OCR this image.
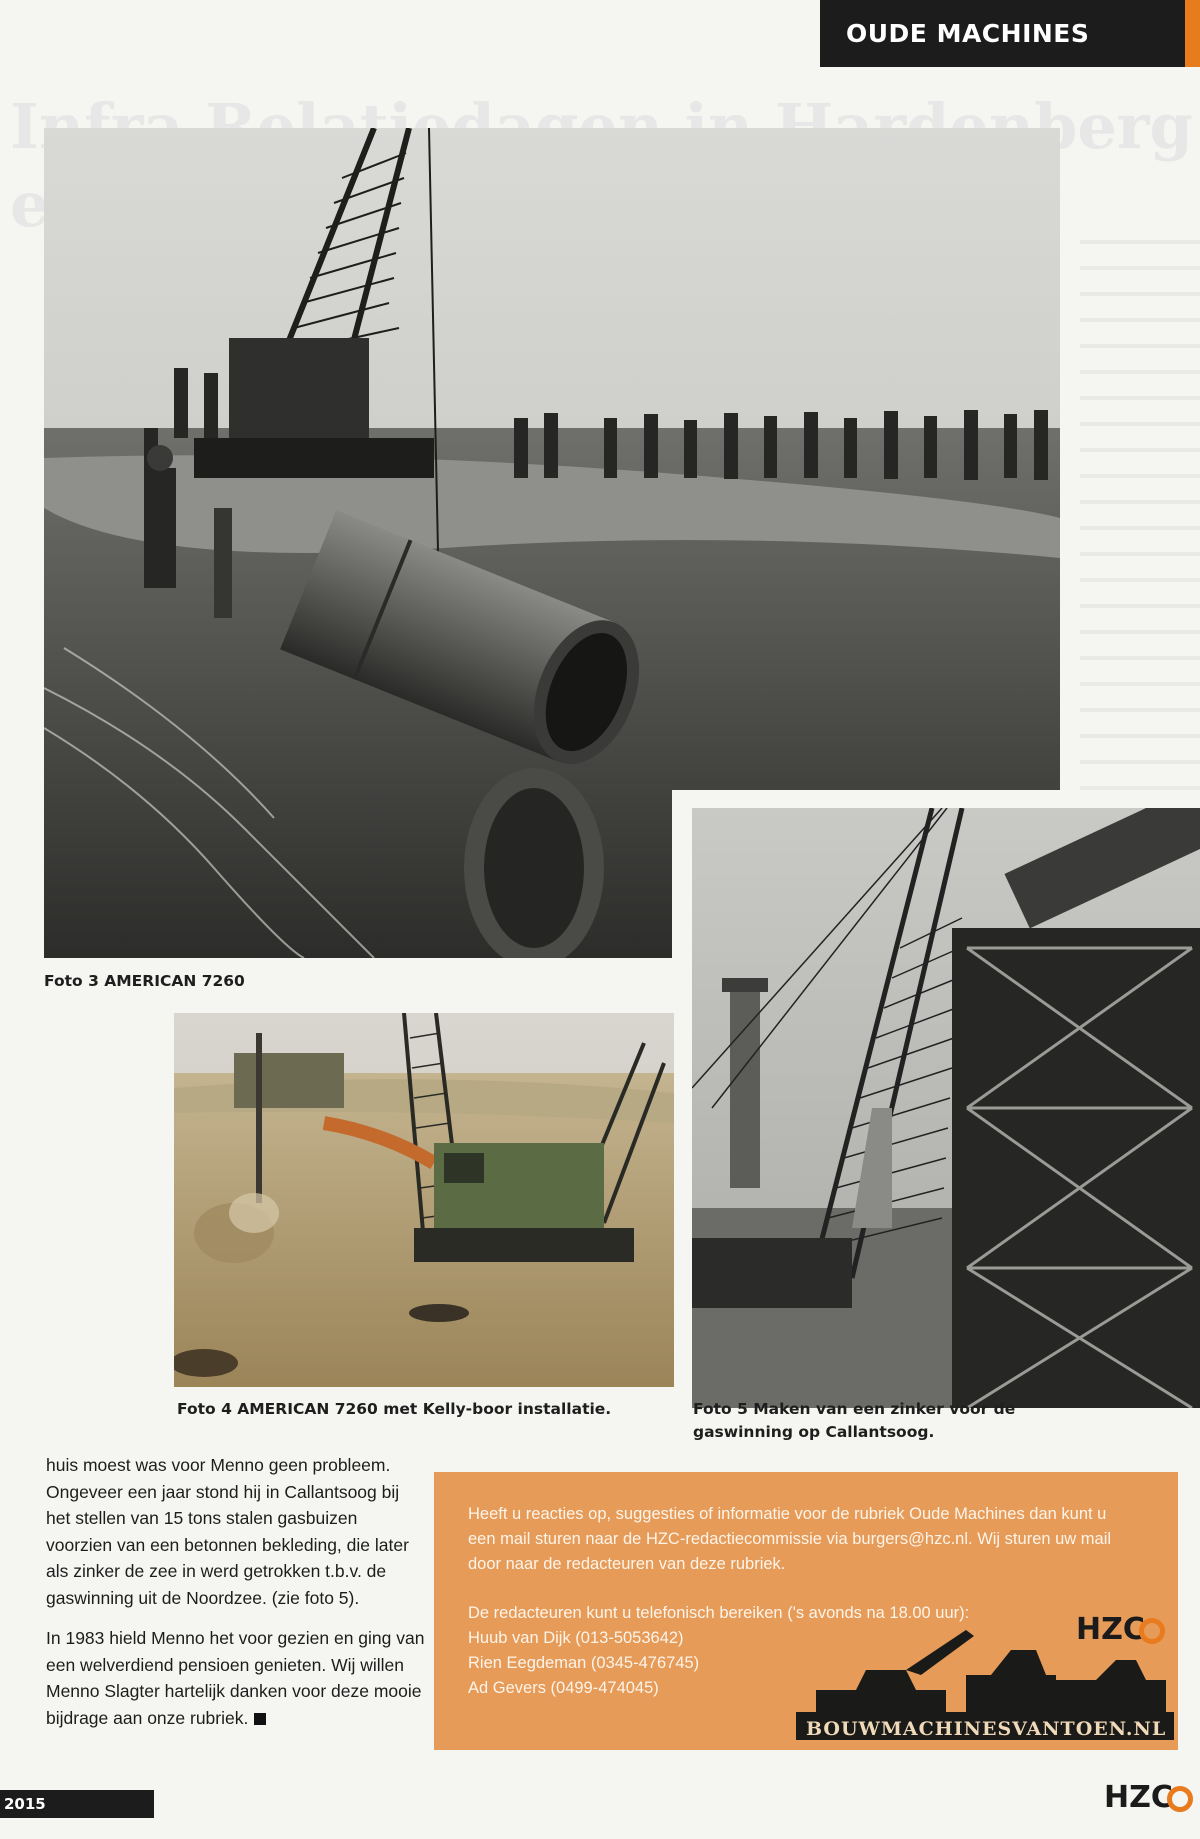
Infra Relatiedagen in Hardenberg
OUDE MACHINES
Foto 3 AMERICAN 7260
Foto 5 Maken van een zinker voor de gaswinning op Callantsoog.
Foto 4 AMERICAN 7260 met Kelly-boor installatie.

huis moest was voor Menno geen probleem. Ongeveer een jaar stond hij in Callantsoog bij het stellen van 15 tons stalen gasbuizen voorzien van een betonnen bekleding, die later als zinker de zee in werd getrokken t.b.v. de gaswinning uit de Noordzee. (zie foto 5).

In 1983 hield Menno het voor gezien en ging van een welverdiend pensioen genieten. Wij willen Menno Slagter hartelijk danken voor deze mooie bijdrage aan onze rubriek.

Heeft u reacties op, suggesties of informatie voor de rubriek Oude Machines dan kunt u een mail sturen naar de HZC-redactiecommissie via burgers@hzc.nl. Wij sturen uw mail door naar de redacteuren van deze rubriek.

De redacteuren kunt u telefonisch bereiken ('s avonds na 18.00 uur):
Huub van Dijk (013-5053642)
Rien Eegdeman (0345-476745)
Ad Gevers (0499-474045)
HZC
BOUWMACHINESVANTOEN.NL
2015	HZC
